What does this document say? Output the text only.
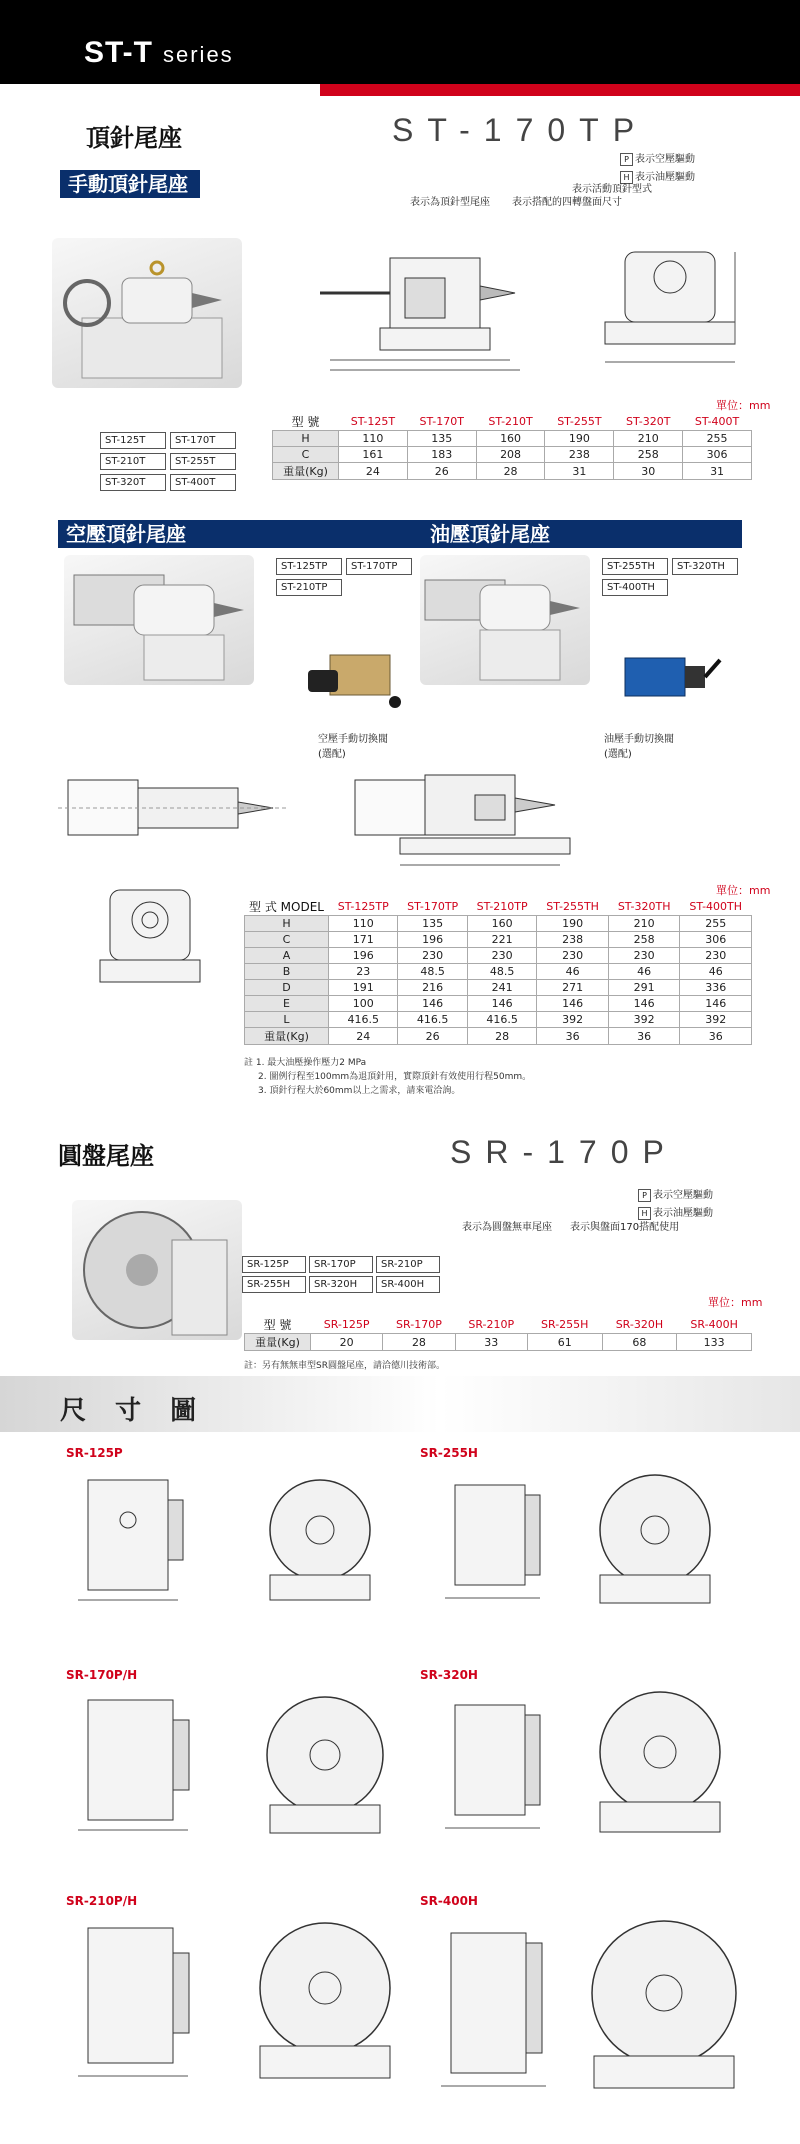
ST-T series
頂針尾座
手動頂針尾座
ST-170TP
P 表示空壓驅動
H 表示油壓驅動
表示活動頂針型式
表示為頂針型尾座 表示搭配的四轉盤面尺寸
單位：mm
ST-125T	ST-170T
ST-210T	ST-255T
ST-320T	ST-400T
型 號	ST-125T	ST-170T	ST-210T	ST-255T	ST-320T	ST-400T
H	110	135	160	190	210	255
C	161	183	208	238	258	306
重量(Kg)	24	26	28	31	30	31
空壓頂針尾座	油壓頂針尾座
ST-125TP	ST-170TP
ST-210TP
空壓手動切換閥
(選配)
ST-255TH	ST-320TH
ST-400TH
油壓手動切換閥
(選配)
單位：mm
型 式 MODEL	ST-125TP	ST-170TP	ST-210TP	ST-255TH	ST-320TH	ST-400TH
H	110	135	160	190	210	255
C	171	196	221	238	258	306
A	196	230	230	230	230	230
B	23	48.5	48.5	46	46	46
D	191	216	241	271	291	336
E	100	146	146	146	146	146
L	416.5	416.5	416.5	392	392	392
重量(Kg)	24	26	28	36	36	36
註 1. 最大油壓操作壓力2 MPa
2. 圖例行程至100mm為退頂針用，實際頂針有效使用行程50mm。
3. 頂針行程大於60mm以上之需求，請來電洽詢。
圓盤尾座	SR-170P
P 表示空壓驅動
H 表示油壓驅動
表示為圓盤無車尾座 表示與盤面170搭配使用
SR-125P	SR-170P	SR-210P
SR-255H	SR-320H	SR-400H
單位：mm
型 號	SR-125P	SR-170P	SR-210P	SR-255H	SR-320H	SR-400H
重量(Kg)	20	28	33	61	68	133
註：另有無無車型SR圓盤尾座，請洽德川技術部。
尺 寸 圖
SR-125P	SR-255H
SR-170P/H	SR-320H
SR-210P/H	SR-400H
